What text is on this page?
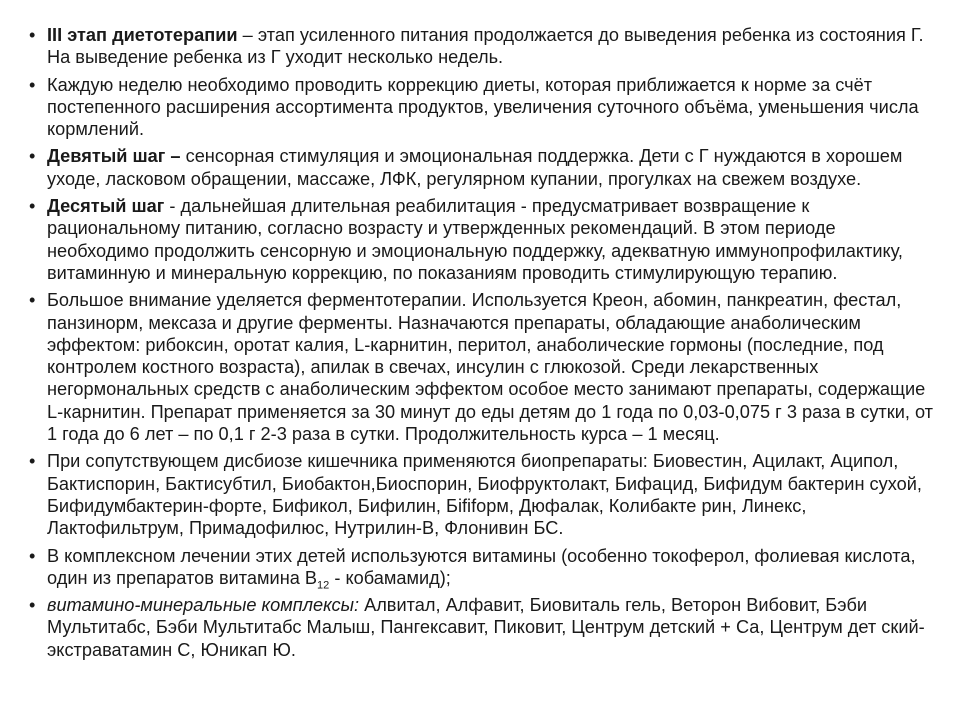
• III этап диетотерапии – этап усиленного питания продолжается до выведения ребенка из состояния Г. На выведение ребенка из Г уходит несколько недель.
• Каждую неделю необходимо проводить коррекцию диеты, которая приближается к норме за счёт постепенного расширения ассортимента продуктов, увеличения суточного объёма, уменьшения числа кормлений.
• Девятый шаг – сенсорная стимуляция и эмоциональная поддержка. Дети с Г нуждаются в хорошем уходе, ласковом обращении, массаже, ЛФК, регулярном купании, прогулках на свежем воздухе.
• Десятый шаг - дальнейшая длительная реабилитация - предусматривает возвращение к рациональному питанию, согласно возрасту и утвержденных рекомендаций. В этом периоде необходимо продолжить сенсорную и эмоциональную поддержку, адекватную иммунопрофилактику, витаминную и минеральную коррекцию, по показаниям проводить стимулирующую терапию.
• Большое внимание уделяется ферментотерапии. Используется Креон, абомин, панкреатин, фестал, панзинорм, мексаза и другие ферменты. Назначаются препараты, обладающие анаболическим эффектом: рибоксин, оротат калия, L-карнитин, перитол, анаболические гормоны (последние, под контролем костного возраста), апилак в свечах, инсулин с глюкозой. Среди лекарственных негормональных средств с анаболическим эффектом особое место занимают препараты, содержащие L-карнитин. Препарат применяется за 30 минут до еды детям до 1 года по 0,03-0,075 г 3 раза в сутки, от 1 года до 6 лет – по 0,1 г 2-3 раза в сутки. Продолжительность курса – 1 месяц.
• При сопутствующем дисбиозе кишечника применяются биопрепараты: Биовестин, Ацилакт, Аципол, Бактиспорин, Бактисубтил, Биобактон,Биоспорин, Биофруктолакт, Бифацид, Бифидум бактерин сухой, Бифидумбактерин-форте, Бификол, Бифилин, Бififорм, Дюфалак, Колибакте рин, Линекс, Лактофильтрум, Примадофилюс, Нутрилин-В, Флонивин БС.
• В комплексном лечении этих детей используются витамины (особенно токоферол, фолиевая кислота, один из препаратов витамина $В_{12}$ - кобамамид);
• витамино-минеральные комплексы: Алвитал, Алфавит, Биовиталь гель, Веторон Вибовит, Бэби Мультитабс, Бэби Мультитабс Малыш, Пангексавит, Пиковит, Центрум детский + Са, Центрум дет ский- экстраватамин С, Юникап Ю.
